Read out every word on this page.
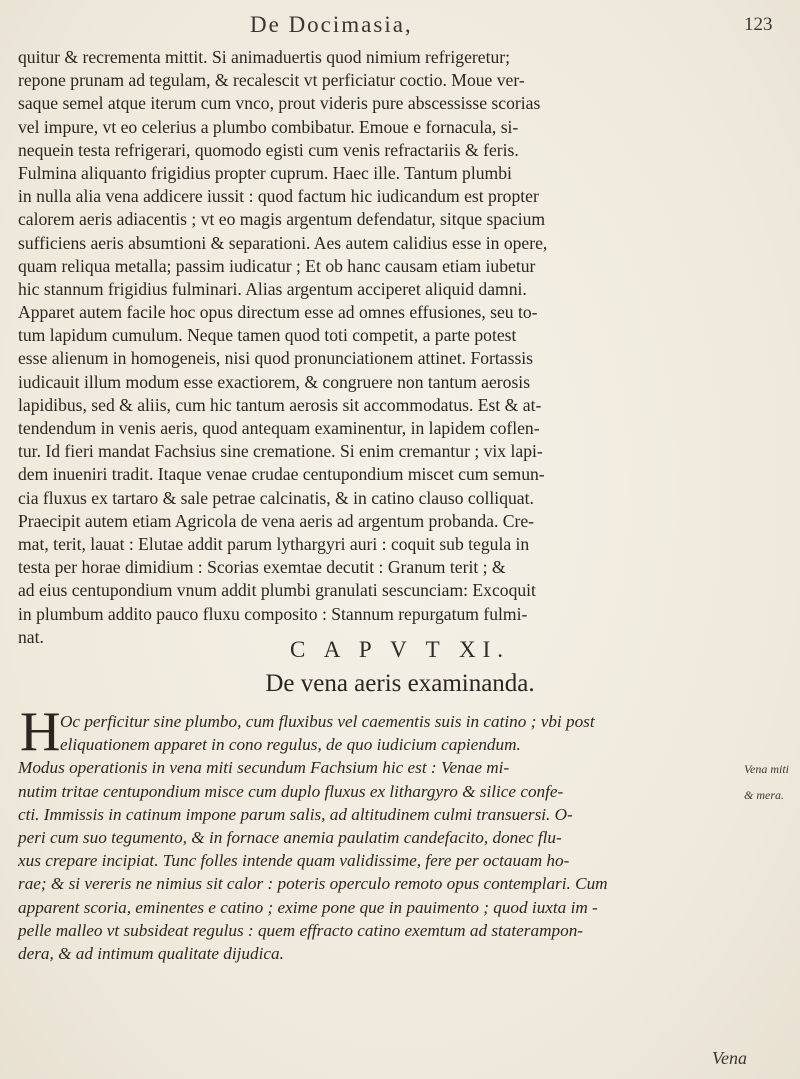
De Docimasia,	123
quitur & recrementa mittit. Si animaduertis quod nimium refrigeretur;
repone prunam ad tegulam, & recalescit vt perficiatur coctio. Moue ver-
saque semel atque iterum cum vnco, prout videris pure abscessisse scorias
vel impure, vt eo celerius a plumbo combibatur. Emoue e fornacula, si-
nequein testa refrigerari, quomodo egisti cum venis refractariis & feris.
Fulmina aliquanto frigidius propter cuprum. Haec ille. Tantum plumbi
in nulla alia vena addicere iussit : quod factum hic iudicandum est propter
calorem aeris adiacentis ; vt eo magis argentum defendatur, sitque spacium
sufficiens aeris absumtioni & separationi. Aes autem calidius esse in opere,
quam reliqua metalla; passim iudicatur ; Et ob hanc causam etiam iubetur
hic stannum frigidius fulminari. Alias argentum acciperet aliquid damni.
Apparet autem facile hoc opus directum esse ad omnes effusiones, seu to-
tum lapidum cumulum. Neque tamen quod toti competit, a parte potest
esse alienum in homogeneis, nisi quod pronunciationem attinet. Fortassis
iudicauit illum modum esse exactiorem, & congruere non tantum aerosis
lapidibus, sed & aliis, cum hic tantum aerosis sit accommodatus. Est & at-
tendendum in venis aeris, quod antequam examinentur, in lapidem coflen-
tur. Id fieri mandat Fachsius sine crematione. Si enim cremantur ; vix lapi-
dem inueniri tradit. Itaque venae crudae centupondium miscet cum semun-
cia fluxus ex tartaro & sale petrae calcinatis, & in catino clauso colliquat.
Praecipit autem etiam Agricola de vena aeris ad argentum probanda. Cre-
mat, terit, lauat : Elutae addit parum lythargyri auri : coquit sub tegula in
testa per horae dimidium : Scorias exemtae decutit : Granum terit ; &
ad eius centupondium vnum addit plumbi granulati sescunciam: Excoquit
in plumbum addito pauco fluxu composito : Stannum repurgatum fulmi-
nat.
C A P V T XI.
De vena aeris examinanda.
H Oc perficitur sine plumbo, cum fluxibus vel caementis suis in catino ; vbi post
eliquationem apparet in cono regulus, de quo iudicium capiendum.
Modus operationis in vena miti secundum Fachsium hic est : Venae mi-
nutim tritae centupondium misce cum duplo fluxus ex lithargyro & silice confe-
cti. Immissis in catinum impone parum salis, ad altitudinem culmi transuersi. O-
peri cum suo tegumento, & in fornace anemia paulatim candefacito, donec flu-
xus crepare incipiat. Tunc folles intende quam validissime, fere per octauam ho-
rae; & si vereris ne nimius sit calor : poteris operculo remoto opus contemplari. Cum
apparent scoria, eminentes e catino ; exime pone que in pauimento ; quod iuxta im -
pelle malleo vt subsideat regulus : quem effracto catino exemtum ad staterampon-
dera, & ad intimum qualitate dijudica.
Vena miti
& mera.
Vena
